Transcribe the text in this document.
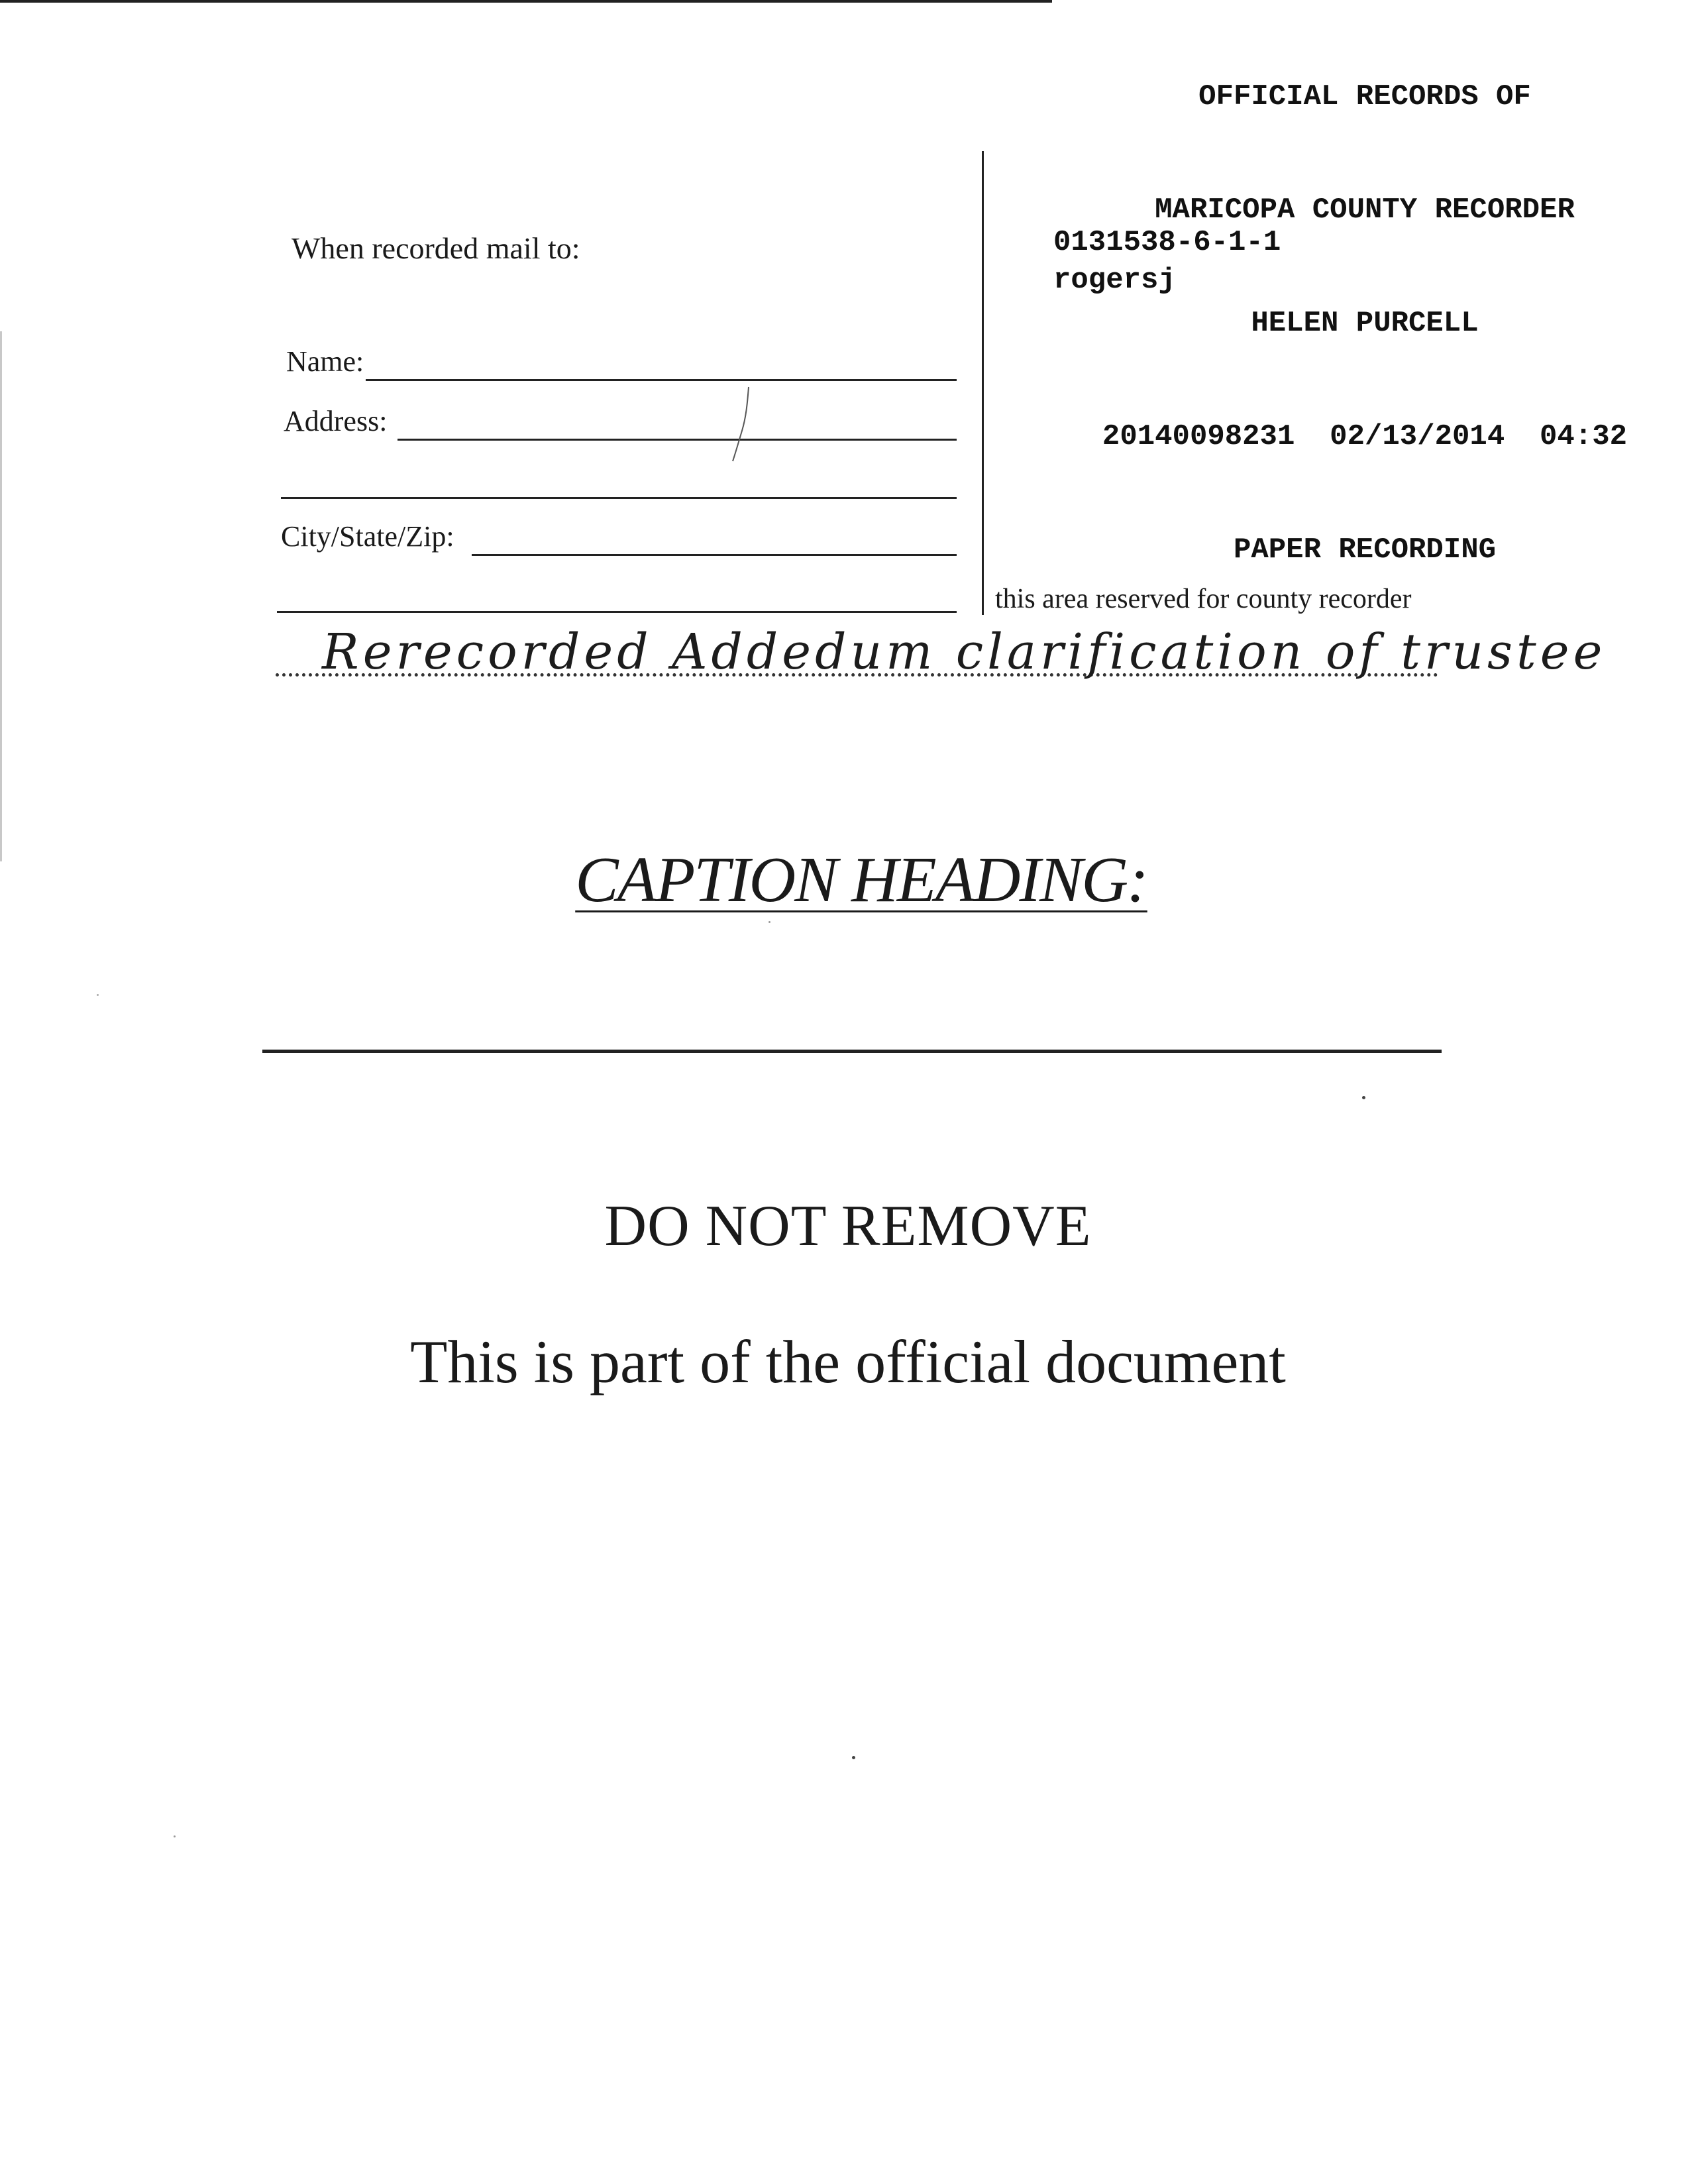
OFFICIAL RECORDS OF

MARICOPA COUNTY RECORDER

HELEN PURCELL

20140098231  02/13/2014  04:32

PAPER RECORDING

0131538-6-1-1
rogersj
When recorded mail to:
Name:
Address:
City/State/Zip:
this area reserved for county recorder
Rerecorded Addedum clarification of trustee
CAPTION HEADING:
DO NOT REMOVE
This is part of the official document
